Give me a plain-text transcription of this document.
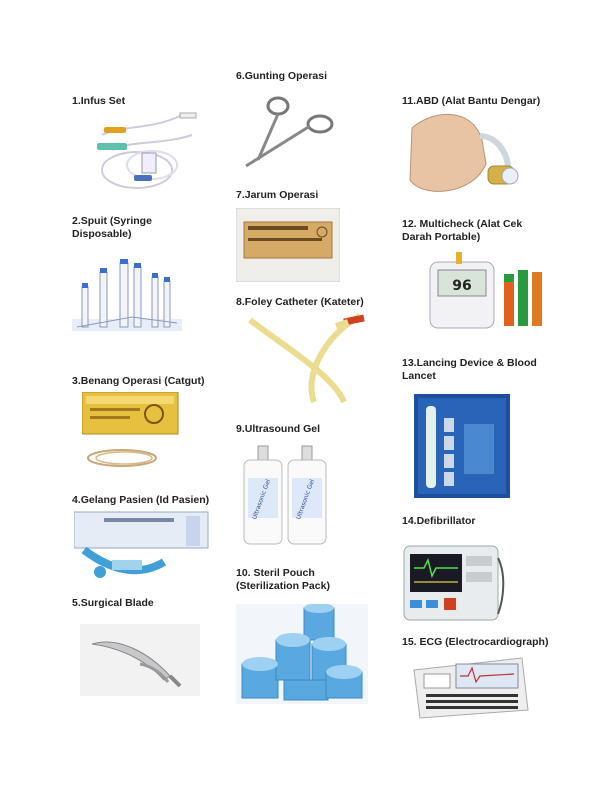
1.Infus Set
2.Spuit (Syringe Disposable)
3.Benang Operasi (Catgut)
4.Gelang Pasien (Id Pasien)
5.Surgical Blade
6.Gunting Operasi
7.Jarum Operasi
8.Foley Catheter (Kateter)
9.Ultrasound Gel
10. Steril Pouch (Sterilization Pack)
11.ABD (Alat Bantu Dengar)
12. Multicheck (Alat Cek Darah Portable)
13.Lancing Device & Blood Lancet
14.Defibrillator
15. ECG (Electrocardiograph)
Ultrasonic Gel	Ultrasonic Gel
96
